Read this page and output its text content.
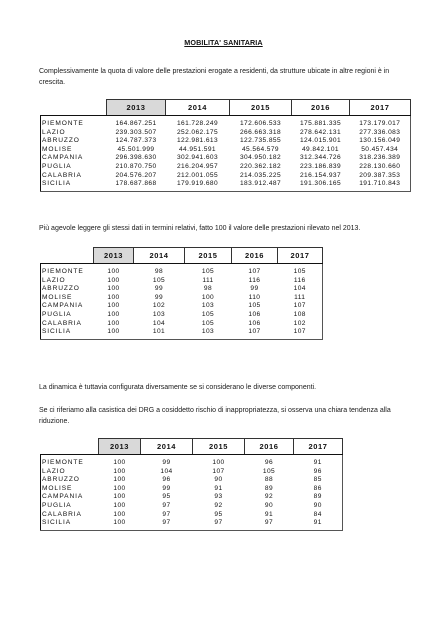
MOBILITA' SANITARIA
Complessivamente la quota di valore delle prestazioni erogate a residenti, da strutture ubicate in altre regioni è in crescita.
	2013	2014	2015	2016	2017
PIEMONTE	164.867.251	161.728.249	172.606.533	175.881.335	173.179.017
LAZIO	239.303.507	252.062.175	266.663.318	278.642.131	277.336.083
ABRUZZO	124.787.373	122.981.613	122.735.855	124.015.901	130.156.049
MOLISE	45.501.999	44.951.591	45.564.579	49.842.101	50.457.434
CAMPANIA	296.398.630	302.941.603	304.950.182	312.344.726	318.236.389
PUGLIA	210.870.750	216.204.957	220.362.182	223.186.839	228.130.660
CALABRIA	204.576.207	212.001.055	214.035.225	216.154.937	209.387.353
SICILIA	178.687.868	179.919.680	183.912.487	191.306.165	191.710.843
Più agevole leggere gli stessi dati in termini relativi, fatto 100 il valore delle prestazioni rilevato nel 2013.
	2013	2014	2015	2016	2017
PIEMONTE	100	98	105	107	105
LAZIO	100	105	111	116	116
ABRUZZO	100	99	98	99	104
MOLISE	100	99	100	110	111
CAMPANIA	100	102	103	105	107
PUGLIA	100	103	105	106	108
CALABRIA	100	104	105	106	102
SICILIA	100	101	103	107	107
La dinamica è tuttavia configurata diversamente se si considerano le diverse componenti.
Se ci riferiamo alla casistica dei DRG a cosiddetto rischio di inappropriatezza, si osserva una chiara tendenza alla riduzione.
	2013	2014	2015	2016	2017
PIEMONTE	100	99	100	96	91
LAZIO	100	104	107	105	96
ABRUZZO	100	96	90	88	85
MOLISE	100	99	91	89	86
CAMPANIA	100	95	93	92	89
PUGLIA	100	97	92	90	90
CALABRIA	100	97	95	91	84
SICILIA	100	97	97	97	91
